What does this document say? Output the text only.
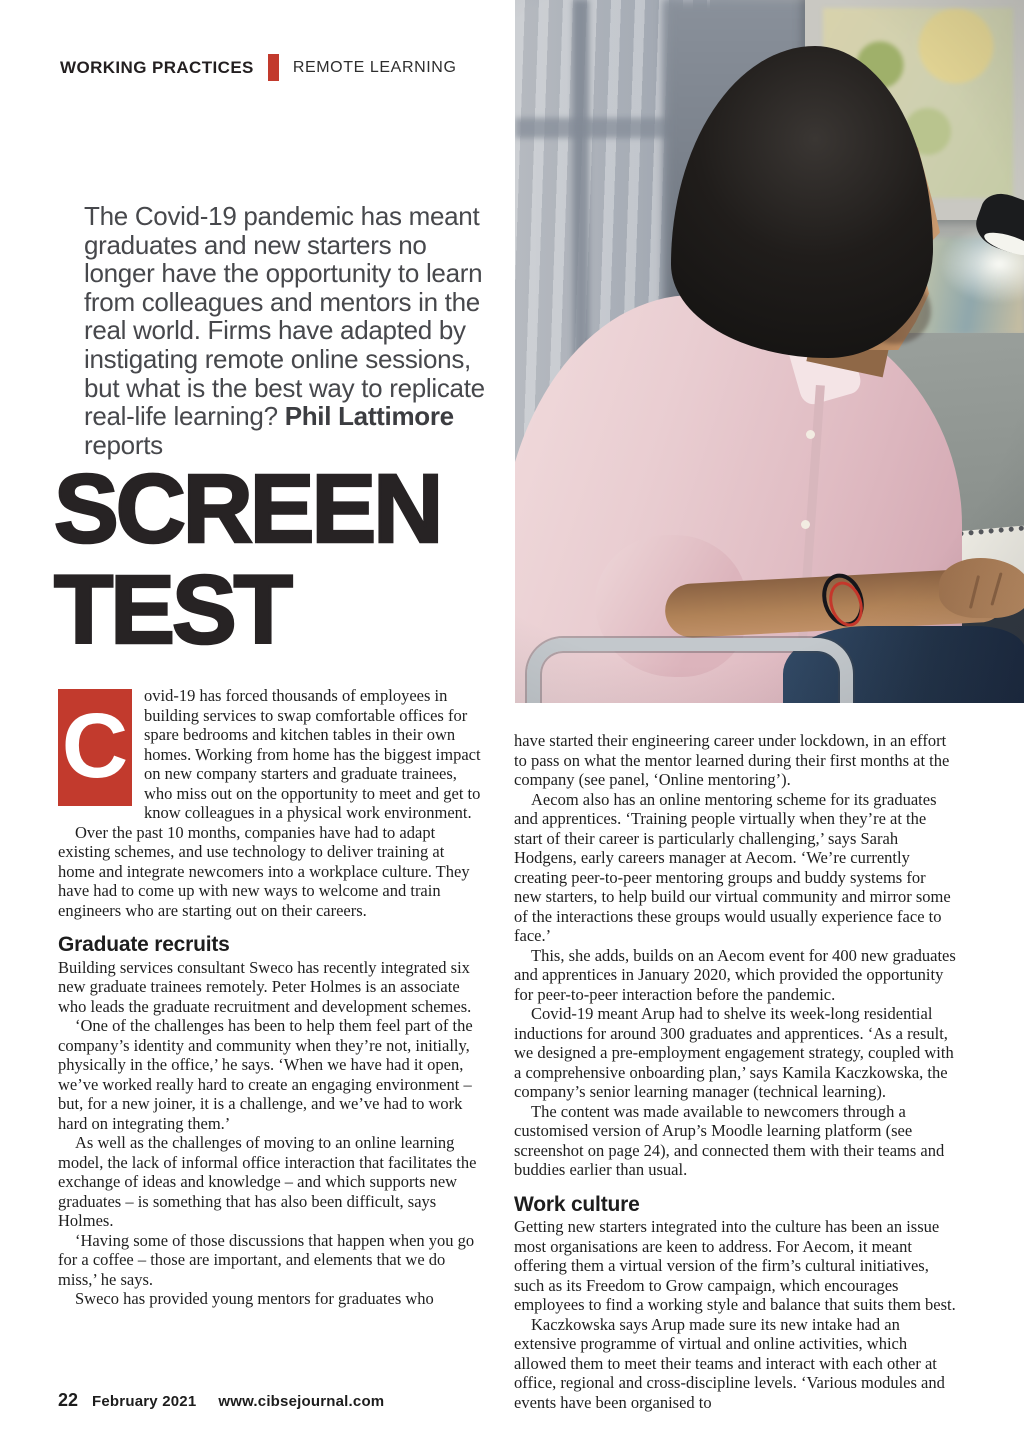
WORKING PRACTICES REMOTE LEARNING

The Covid-19 pandemic has meant graduates and new starters no longer have the opportunity to learn from colleagues and mentors in the real world. Firms have adapted by instigating remote online sessions, but what is the best way to replicate real-life learning? Phil Lattimore reports

SCREEN
TEST

C ovid-19 has forced thousands of employees in building services to swap comfortable offices for spare bedrooms and kitchen tables in their own homes. Working from home has the biggest impact on new company starters and graduate trainees, who miss out on the opportunity to meet and get to know colleagues in a physical work environment.

Over the past 10 months, companies have had to adapt existing schemes, and use technology to deliver training at home and integrate newcomers into a workplace culture. They have had to come up with new ways to welcome and train engineers who are starting out on their careers.

Graduate recruits

Building services consultant Sweco has recently integrated six new graduate trainees remotely. Peter Holmes is an associate who leads the graduate recruitment and development schemes.

‘One of the challenges has been to help them feel part of the company’s identity and community when they’re not, initially, physically in the office,’ he says. ‘When we have had it open, we’ve worked really hard to create an engaging environment – but, for a new joiner, it is a challenge, and we’ve had to work hard on integrating them.’

As well as the challenges of moving to an online learning model, the lack of informal office interaction that facilitates the exchange of ideas and knowledge – and which supports new graduates – is something that has also been difficult, says Holmes.

‘Having some of those discussions that happen when you go for a coffee – those are important, and elements that we do miss,’ he says.

Sweco has provided young mentors for graduates who

have started their engineering career under lockdown, in an effort to pass on what the mentor learned during their first months at the company (see panel, ‘Online mentoring’).

Aecom also has an online mentoring scheme for its graduates and apprentices. ‘Training people virtually when they’re at the start of their career is particularly challenging,’ says Sarah Hodgens, early careers manager at Aecom. ‘We’re currently creating peer-to-peer mentoring groups and buddy systems for new starters, to help build our virtual community and mirror some of the interactions these groups would usually experience face to face.’

This, she adds, builds on an Aecom event for 400 new graduates and apprentices in January 2020, which provided the opportunity for peer-to-peer interaction before the pandemic.

Covid-19 meant Arup had to shelve its week-long residential inductions for around 300 graduates and apprentices. ‘As a result, we designed a pre-employment engagement strategy, coupled with a comprehensive onboarding plan,’ says Kamila Kaczkowska, the company’s senior learning manager (technical learning).

The content was made available to newcomers through a customised version of Arup’s Moodle learning platform (see screenshot on page 24), and connected them with their teams and buddies earlier than usual.

Work culture

Getting new starters integrated into the culture has been an issue most organisations are keen to address. For Aecom, it meant offering them a virtual version of the firm’s cultural initiatives, such as its Freedom to Grow campaign, which encourages employees to find a working style and balance that suits them best.

Kaczkowska says Arup made sure its new intake had an extensive programme of virtual and online activities, which allowed them to meet their teams and interact with each other at office, regional and cross-discipline levels. ‘Various modules and events have been organised to

22 February 2021 www.cibsejournal.com
